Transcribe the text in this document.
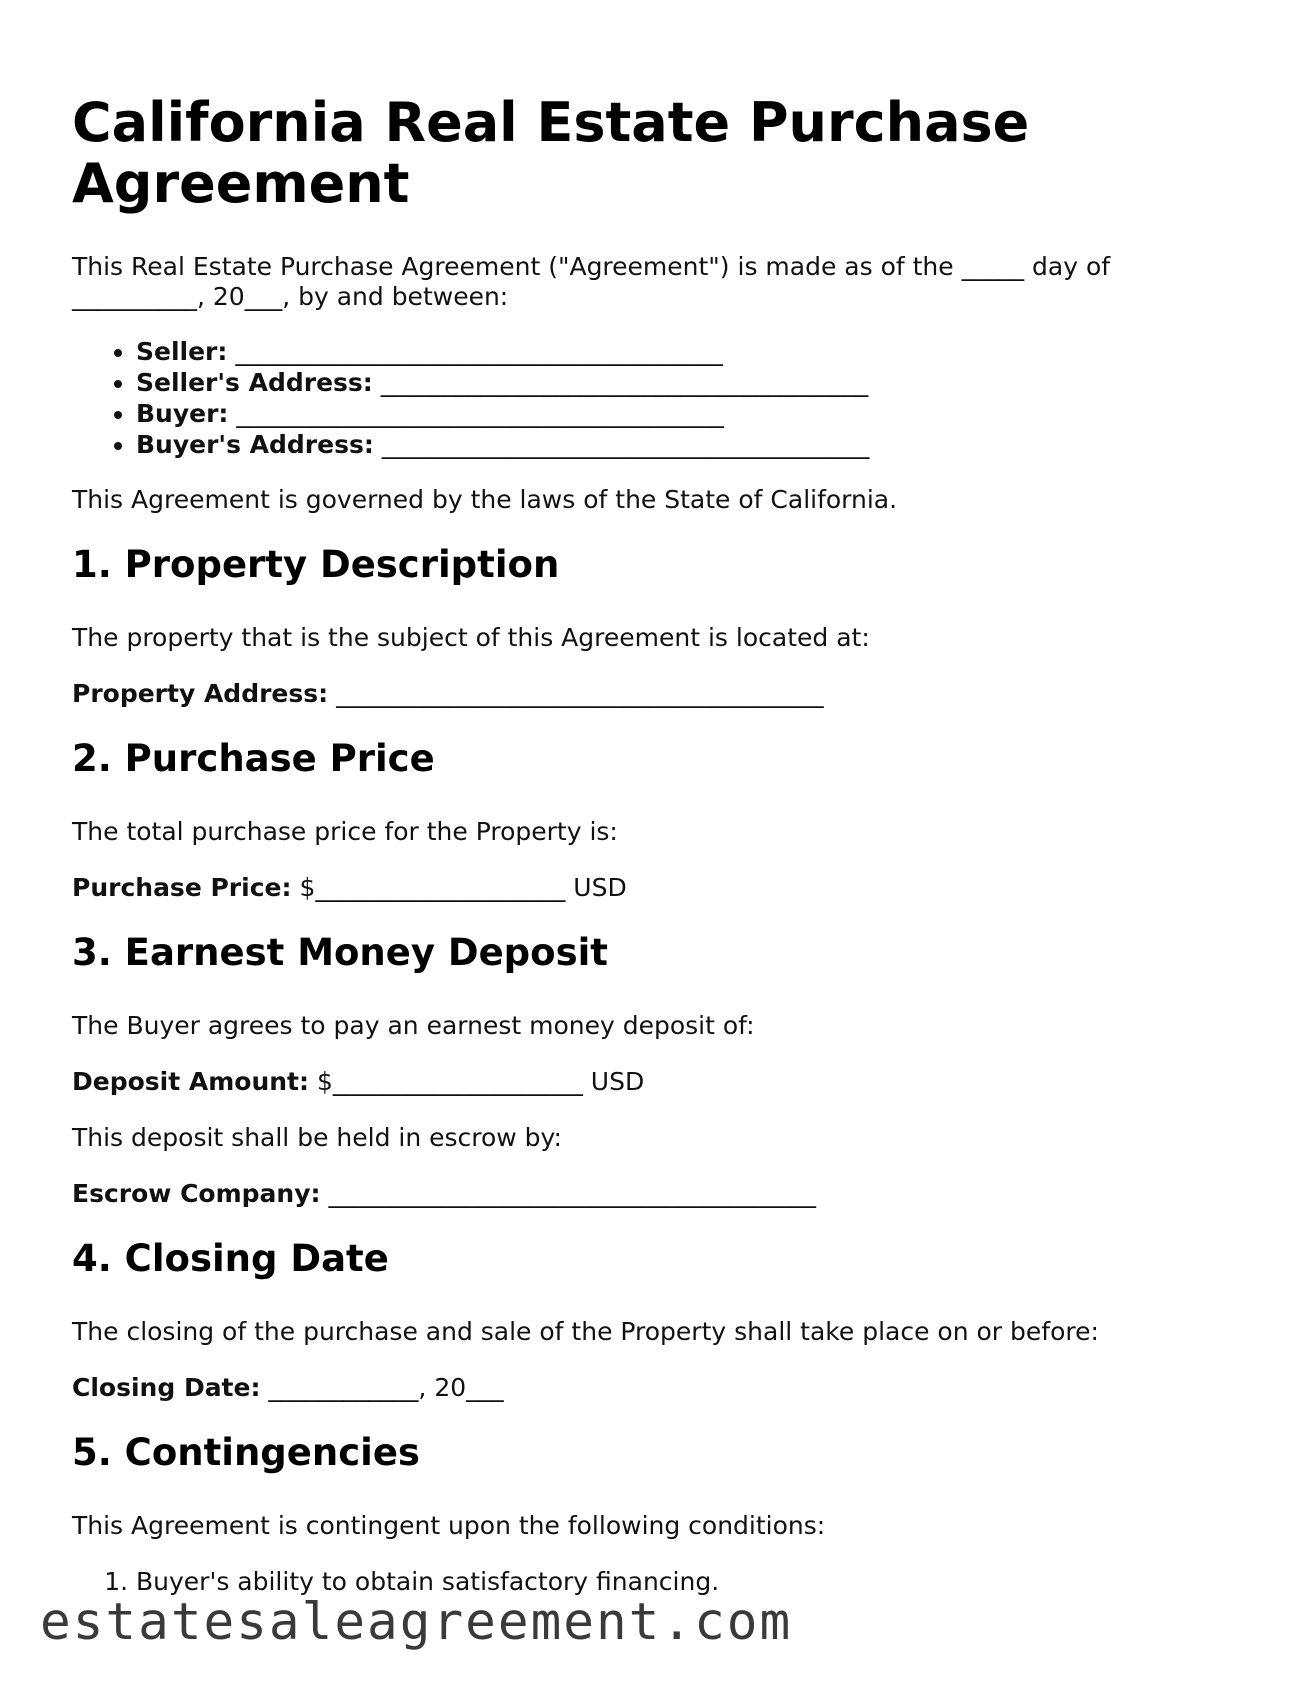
California Real Estate Purchase Agreement

This Real Estate Purchase Agreement ("Agreement") is made as of the _____ day of __________, 20___, by and between:

• Seller: _______________________________________
• Seller's Address: _______________________________________
• Buyer: _______________________________________
• Buyer's Address: _______________________________________

This Agreement is governed by the laws of the State of California.

1. Property Description

The property that is the subject of this Agreement is located at:

Property Address: _______________________________________

2. Purchase Price

The total purchase price for the Property is:

Purchase Price: $____________________ USD

3. Earnest Money Deposit

The Buyer agrees to pay an earnest money deposit of:

Deposit Amount: $____________________ USD

This deposit shall be held in escrow by:

Escrow Company: _______________________________________

4. Closing Date

The closing of the purchase and sale of the Property shall take place on or before:

Closing Date: ____________, 20___

5. Contingencies

This Agreement is contingent upon the following conditions:

1. Buyer's ability to obtain satisfactory financing.
estatesaleagreement.com
